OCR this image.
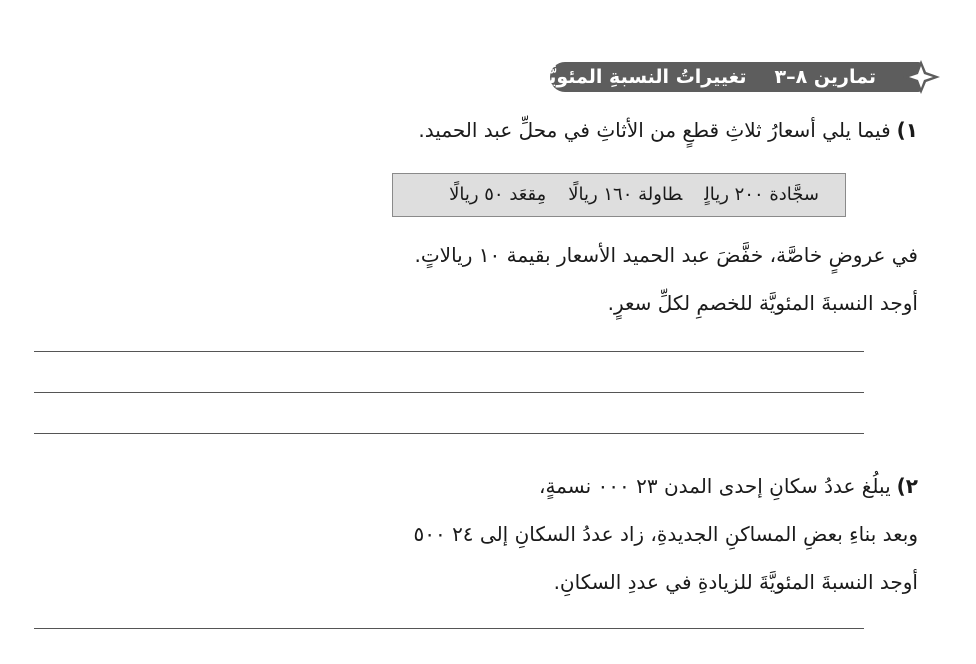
تمارين ٨–٣تغييراتُ النسبةِ المئويَّةِ
١)فيما يلي أسعارُ ثلاثِ قطعٍ من الأثاثِ في محلِّ عبد الحميد.
سجَّادة ٢٠٠ ريالٍطاولة ١٦٠ ريالًامِقعَد ٥٠ ريالًا
في عروضٍ خاصَّة، خفَّضَ عبد الحميد الأسعار بقيمة ١٠ ريالاتٍ.
أوجد النسبةَ المئويَّة للخصمِ لكلِّ سعرٍ.
٢)يبلُغ عددُ سكانِ إحدى المدن ٢٣ ٠٠٠ نسمةٍ،
وبعد بناءِ بعضِ المساكنِ الجديدةِ، زاد عددُ السكانِ إلى ٢٤ ٥٠٠
أوجد النسبةَ المئويَّةَ للزيادةِ في عددِ السكانِ.
